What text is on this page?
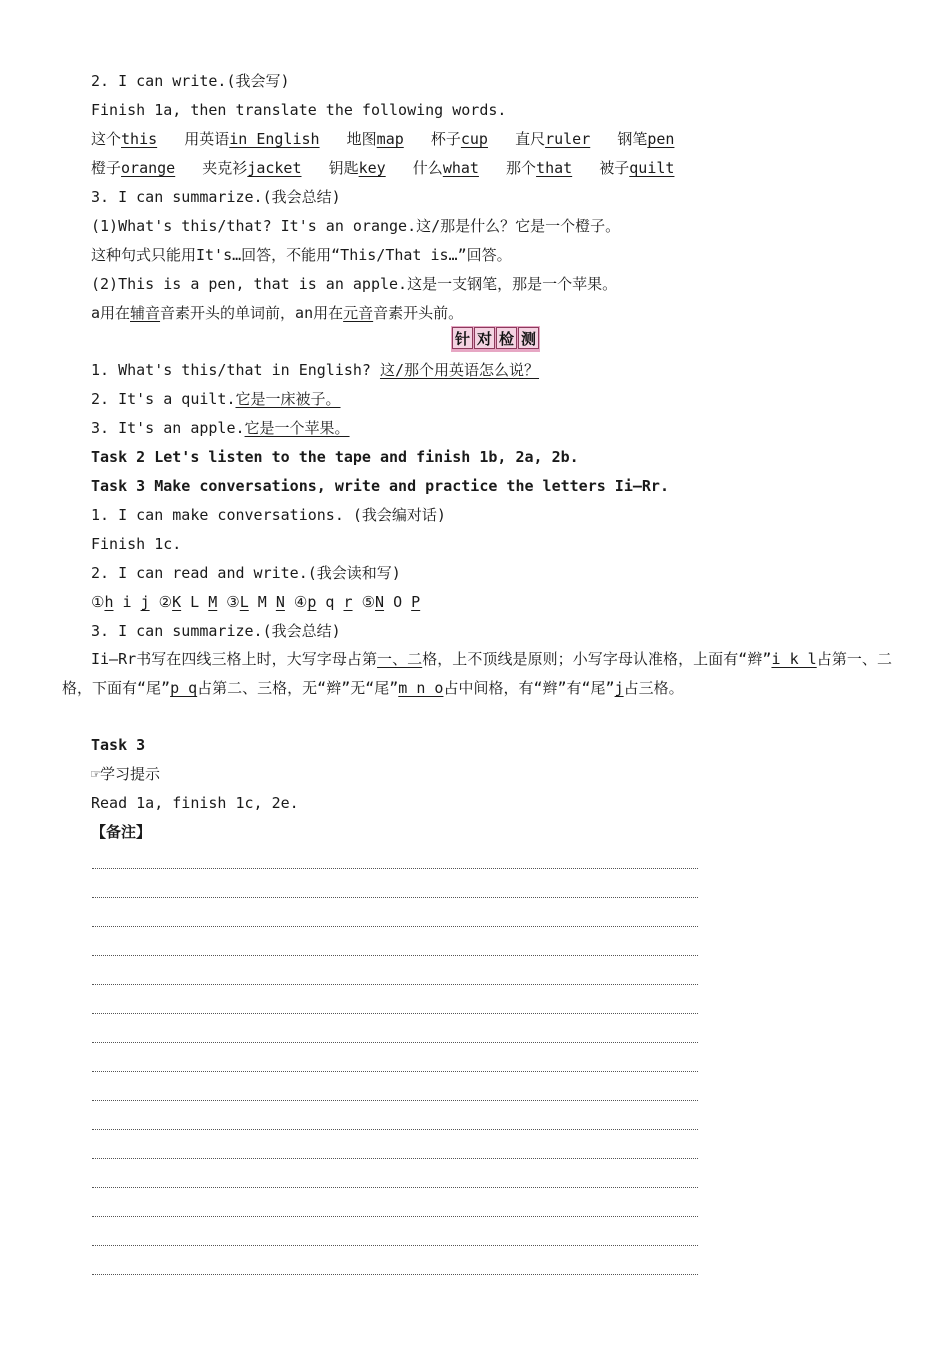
2. I can write.(我会写)
Finish 1a, then translate the following words.
这个this 用英语in English 地图map 杯子cup 直尺ruler 钢笔pen
橙子orange 夹克衫jacket 钥匙key 什么what 那个that 被子quilt
3. I can summarize.(我会总结)
(1)What's this/that? It's an orange.这/那是什么？它是一个橙子。
这种句式只能用It's…回答，不能用“This/That is…”回答。
(2)This is a pen, that is an apple.这是一支钢笔，那是一个苹果。
a用在辅音音素开头的单词前，an用在元音音素开头前。
针 对 检 测
1. What's this/that in English? 这/那个用英语怎么说？
2. It's a quilt.它是一床被子。
3. It's an apple.它是一个苹果。
Task 2 Let's listen to the tape and finish 1b, 2a, 2b.
Task 3 Make conversations, write and practice the letters Ii—Rr.
1. I can make conversations. (我会编对话)
Finish 1c.
2. I can read and write.(我会读和写)
①h i j ②K L M ③L M N ④p q r ⑤N O P
3. I can summarize.(我会总结)
Ii—Rr书写在四线三格上时，大写字母占第一、二格，上不顶线是原则；小写字母认准格，上面有“辫”i k l占第一、二格，下面有“尾”p q占第二、三格，无“辫”无“尾”m n o占中间格，有“辫”有“尾”j占三格。
Task 3
☞学习提示
Read 1a, finish 1c, 2e.
【备注】
